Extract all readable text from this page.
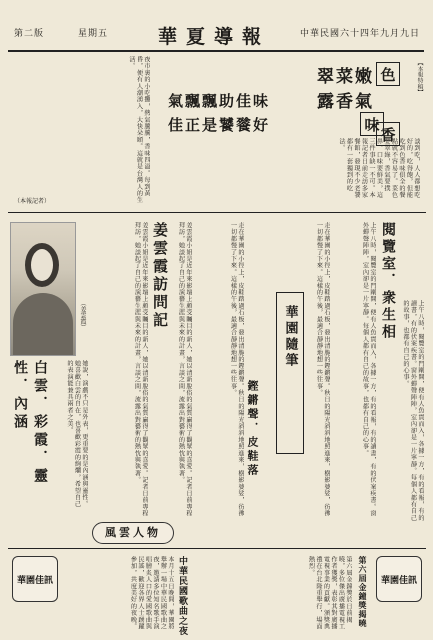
第二版	星期五	華夏導報	中華民國六十四年九月九日
【本報特稿】
色
翠菜嫩露香氣
香
氣飄飄助佳味
味
佳正是饕餮好
談到吃，人人都想吃好的，吃得飽，但能吃到色香味俱全的餐點就不容易了。菜色要翠綠，香氣要撲鼻，口味要鮮美，這三件事缺一不可。本報記者日前走訪多家餐館，發現不少老饕都有一套獨到的吃法。
夜市裏的小吃攤，熱氣騰騰，香味四溢。每到黃昏，便有人潮湧入，大快朵頤。這就是台灣人的生活。
（本報記者）
（姜雲霞）
白雲．彩霞．靈性．內涵	她說，演戲不只是外表，更重要的是內涵與靈性。她喜歡白雲的自在，也喜歡彩霞的絢爛，希望自己的表演能兼具兩者之美。
姜雲霞訪問記
姜雲霞小姐是近年來影壇上頗受矚目的新人，她以清新脫俗的氣質贏得了觀眾的喜愛。記者日前專程拜訪，她談起了自己的演藝生涯與未來的計畫，言談之間，流露出對藝術的熱忱與執著。	姜雲霞小姐是近年來影壇上頗受矚目的新人，她以清新脫俗的氣質贏得了觀眾的喜愛。記者日前專程拜訪，她談起了自己的演藝生涯與未來的計畫，言談之間，流露出對藝術的熱忱與執著。	閱覽室．衆生相
上午八時，閱覽室的門剛開，便有人魚貫而入，各據一方，有的看報，有的讀書，有的伏案疾書。窗外蟬聲陣陣，室內卻是一片寧靜。每個人都有自己的故事，也都有自己的心事。	上午八時，閱覽室的門剛開，便有人魚貫而入，各據一方，有的看報，有的讀書，有的伏案疾書。窗外蟬聲陣陣，室內卻是一片寧靜。每個人都有自己的故事，也都有自己的心事。
華園隨筆
鏗鏘聲．皮鞋落
走在華園的小徑上，皮鞋踏過石板，發出清脆的鏗鏘聲。秋日的陽光斜斜地照進來，樹影婆娑，彷彿一切都慢了下來。這樣的午後，最適合靜靜地想一些往事。	走在華園的小徑上，皮鞋踏過石板，發出清脆的鏗鏘聲。秋日的陽光斜斜地照進來，樹影婆娑，彷彿一切都慢了下來。這樣的午後，最適合靜靜地想一些往事。
風雲人物
華園佳訊	中華民國歌曲之夜
本月十五日晚間，華園將舉辦一場中華民國歌曲之夜，邀請多位知名歌手演唱膾炙人口的愛國歌曲與民謠，歡迎各界人士踴躍參加，共度美好的夜晚。	華園佳訊
第六屆金鐘獎揭曉
第六屆金鐘獎於日前揭曉，多位傑出廣播電視工作者獲獎，表彰其對廣播電視事業的貢獻。頒獎典禮在台北隆重舉行，場面熱烈。
